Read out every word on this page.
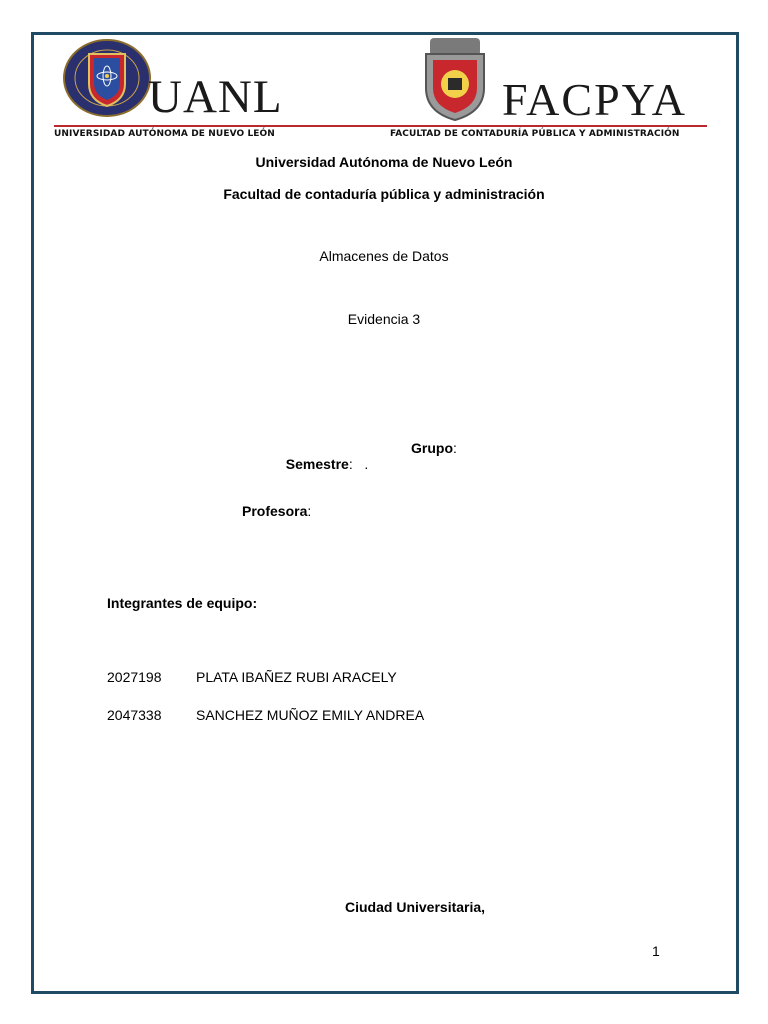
UANL
UNIVERSIDAD AUTÓNOMA DE NUEVO LEÓN
FACPYA
FACULTAD DE CONTADURÍA PÚBLICA Y ADMINISTRACIÓN
Universidad Autónoma de Nuevo León
Facultad de contaduría pública y administración
Almacenes de Datos
Evidencia 3

Semestre:   .

Grupo:
Profesora:
Integrantes de equipo:
2027198 PLATA IBAÑEZ RUBI ARACELY
2047338 SANCHEZ MUÑOZ EMILY ANDREA
Ciudad Universitaria,
1
